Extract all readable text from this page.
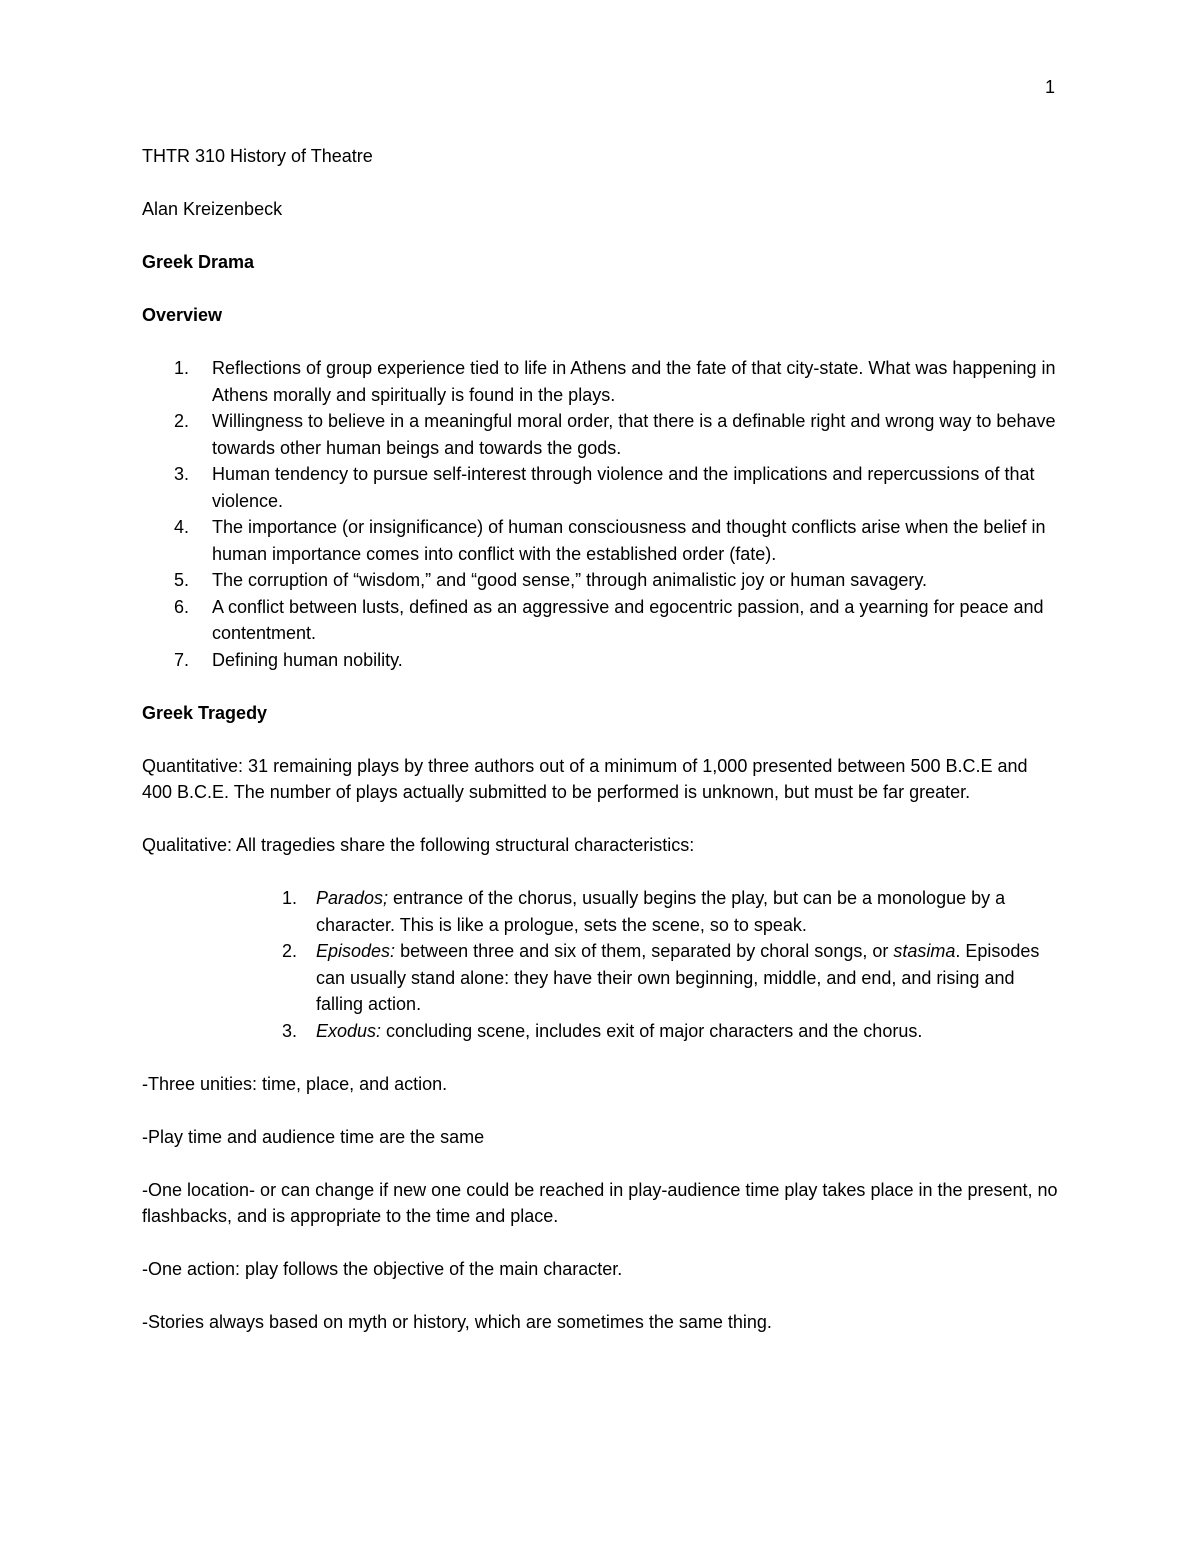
1

THTR 310 History of Theatre

Alan Kreizenbeck

Greek Drama

Overview

1. Reflections of group experience tied to life in Athens and the fate of that city-state. What was happening in Athens morally and spiritually is found in the plays.
2. Willingness to believe in a meaningful moral order, that there is a definable right and wrong way to behave towards other human beings and towards the gods.
3. Human tendency to pursue self-interest through violence and the implications and repercussions of that violence.
4. The importance (or insignificance) of human consciousness and thought conflicts arise when the belief in human importance comes into conflict with the established order (fate).
5. The corruption of “wisdom,” and “good sense,” through animalistic joy or human savagery.
6. A conflict between lusts, defined as an aggressive and egocentric passion, and a yearning for peace and contentment.
7. Defining human nobility.

Greek Tragedy

Quantitative: 31 remaining plays by three authors out of a minimum of 1,000 presented between 500 B.C.E and 400 B.C.E. The number of plays actually submitted to be performed is unknown, but must be far greater.

Qualitative: All tragedies share the following structural characteristics:

1. Parados; entrance of the chorus, usually begins the play, but can be a monologue by a character. This is like a prologue, sets the scene, so to speak.
2. Episodes: between three and six of them, separated by choral songs, or stasima. Episodes can usually stand alone: they have their own beginning, middle, and end, and rising and falling action.
3. Exodus: concluding scene, includes exit of major characters and the chorus.

-Three unities: time, place, and action.

-Play time and audience time are the same

-One location- or can change if new one could be reached in play-audience time play takes place in the present, no flashbacks, and is appropriate to the time and place.

-One action: play follows the objective of the main character.

-Stories always based on myth or history, which are sometimes the same thing.
